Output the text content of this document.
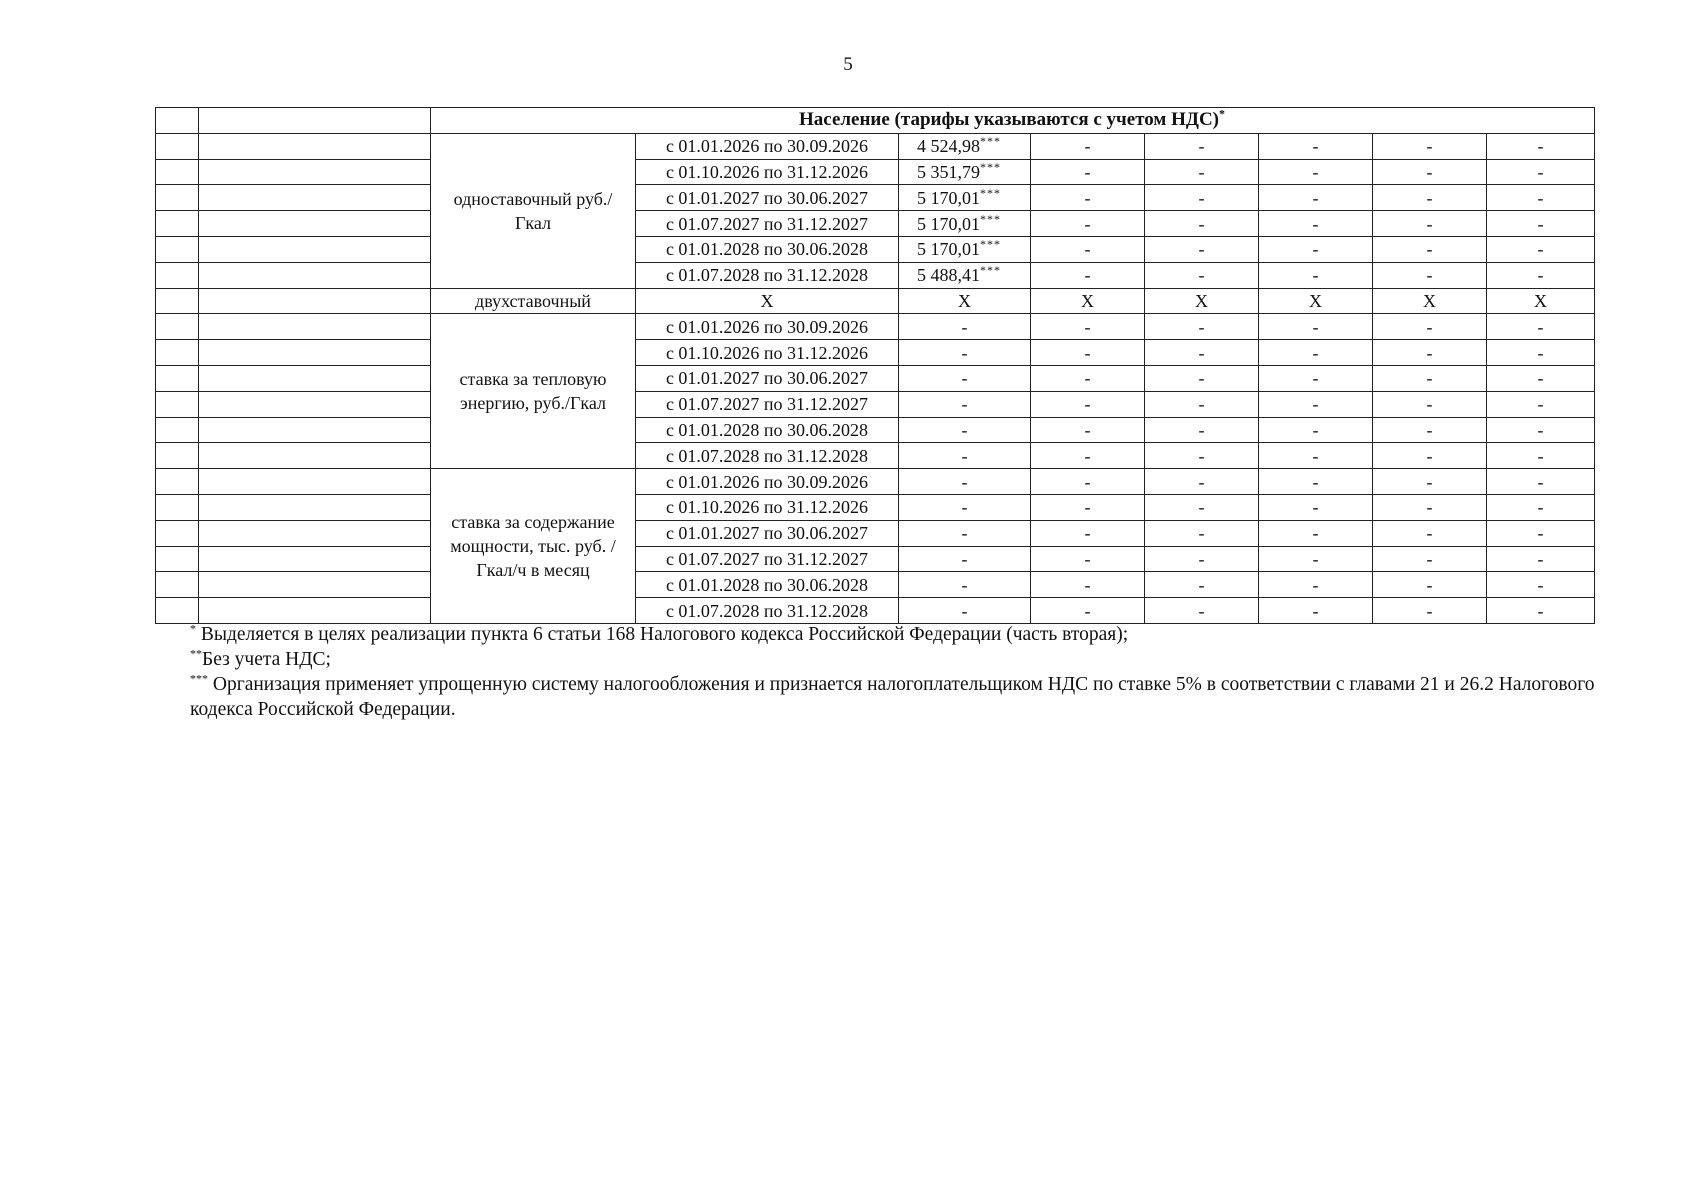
5
		Население (тарифы указываются с учетом НДС)*
		одноставочный руб./Гкал	с 01.01.2026 по 30.09.2026	4 524,98***	-	-	-	-	-
			с 01.10.2026 по 31.12.2026	5 351,79***	-	-	-	-	-
			с 01.01.2027 по 30.06.2027	5 170,01***	-	-	-	-	-
			с 01.07.2027 по 31.12.2027	5 170,01***	-	-	-	-	-
			с 01.01.2028 по 30.06.2028	5 170,01***	-	-	-	-	-
			с 01.07.2028 по 31.12.2028	5 488,41***	-	-	-	-	-
		двухставочный	X	X	X	X	X	X	X
		ставка за тепловую энергию, руб./Гкал	с 01.01.2026 по 30.09.2026	-	-	-	-	-	-
			с 01.10.2026 по 31.12.2026	-	-	-	-	-	-
			с 01.01.2027 по 30.06.2027	-	-	-	-	-	-
			с 01.07.2027 по 31.12.2027	-	-	-	-	-	-
			с 01.01.2028 по 30.06.2028	-	-	-	-	-	-
			с 01.07.2028 по 31.12.2028	-	-	-	-	-	-
		ставка за содержание мощности, тыс. руб. /Гкал/ч в месяц	с 01.01.2026 по 30.09.2026	-	-	-	-	-	-
			с 01.10.2026 по 31.12.2026	-	-	-	-	-	-
			с 01.01.2027 по 30.06.2027	-	-	-	-	-	-
			с 01.07.2027 по 31.12.2027	-	-	-	-	-	-
			с 01.01.2028 по 30.06.2028	-	-	-	-	-	-
			с 01.07.2028 по 31.12.2028	-	-	-	-	-	-
* Выделяется в целях реализации пункта 6 статьи 168 Налогового кодекса Российской Федерации (часть вторая);
**Без учета НДС;
*** Организация применяет упрощенную систему налогообложения и признается налогоплательщиком НДС по ставке 5% в соответствии с главами 21 и 26.2 Налогового кодекса Российской Федерации.
